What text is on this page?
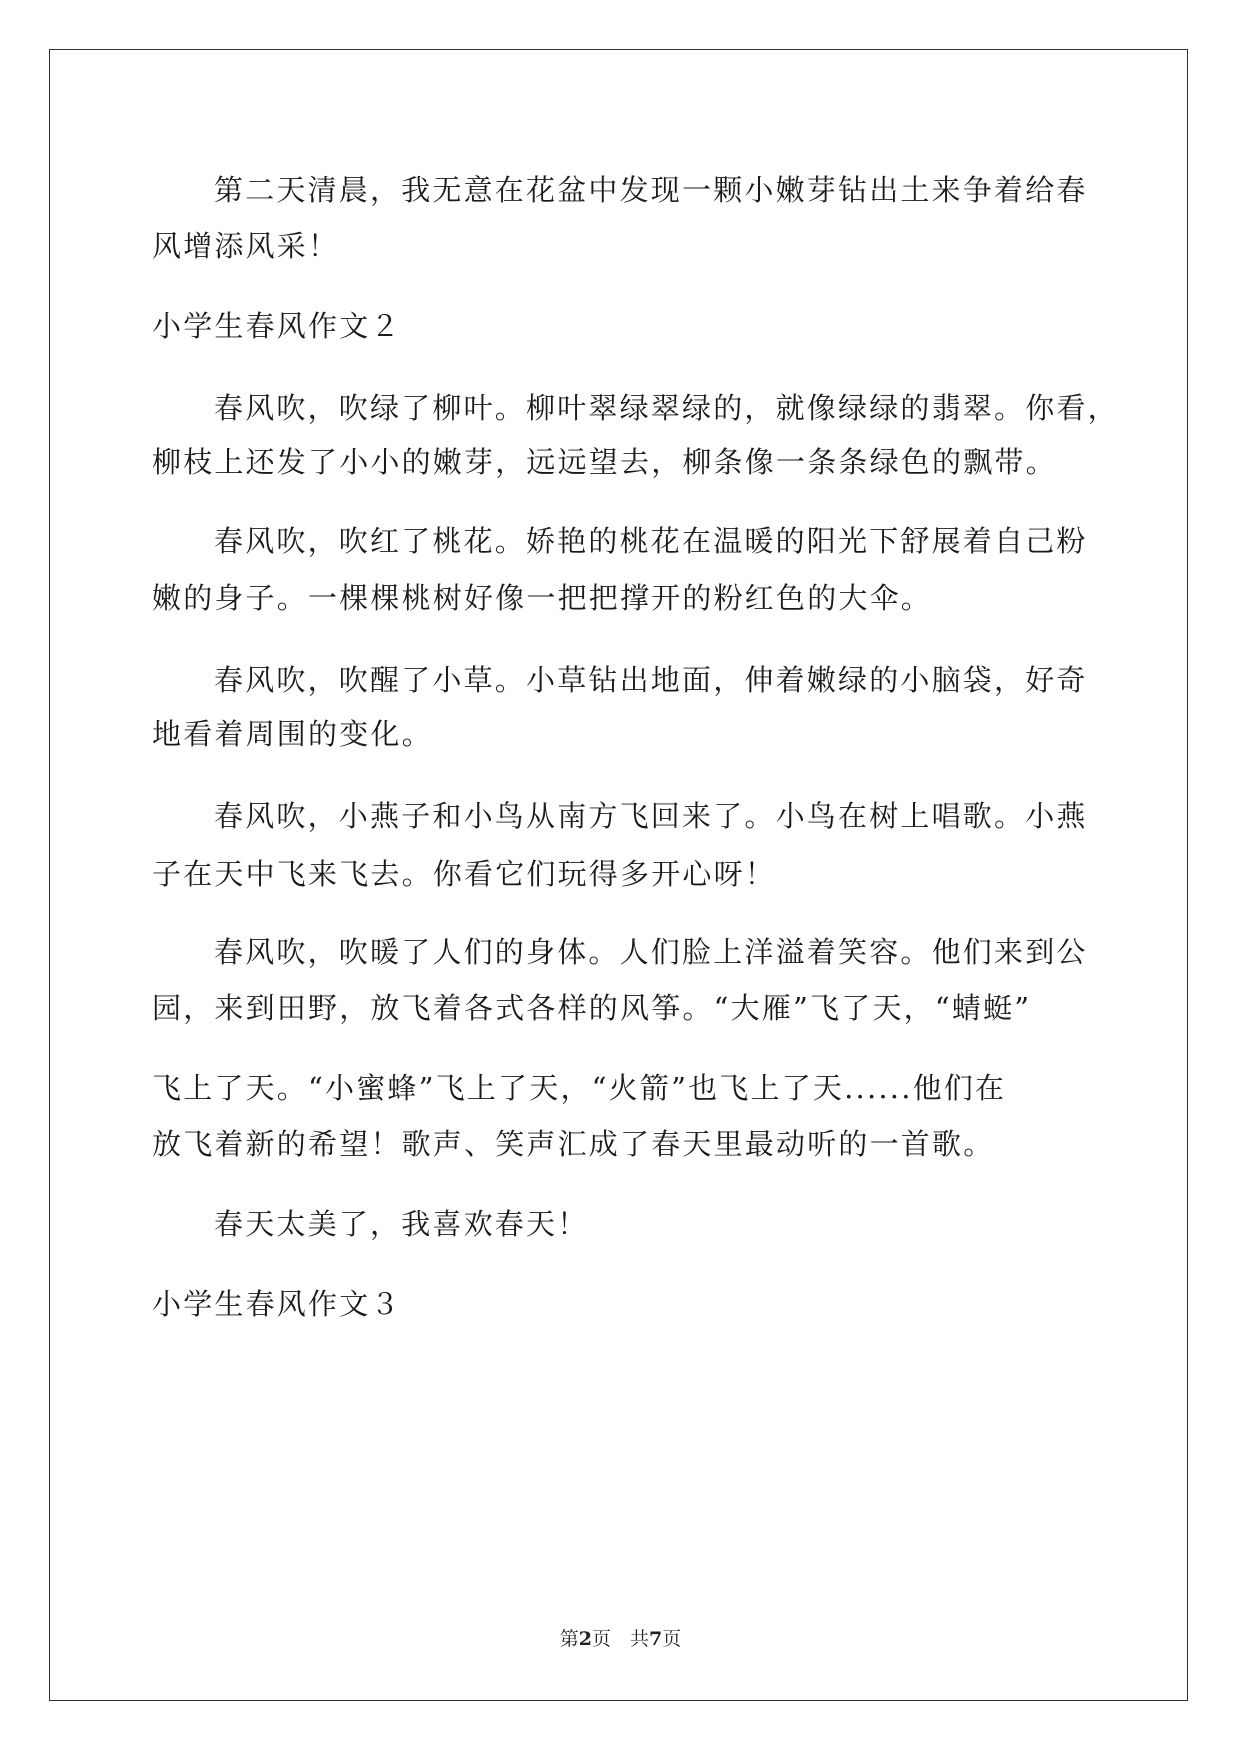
第二天清晨，我无意在花盆中发现一颗小嫩芽钻出土来争着给春
风增添风采！
小学生春风作文２
春风吹，吹绿了柳叶。柳叶翠绿翠绿的，就像绿绿的翡翠。你看，
柳枝上还发了小小的嫩芽，远远望去，柳条像一条条绿色的飘带。
春风吹，吹红了桃花。娇艳的桃花在温暖的阳光下舒展着自己粉
嫩的身子。一棵棵桃树好像一把把撑开的粉红色的大伞。
春风吹，吹醒了小草。小草钻出地面，伸着嫩绿的小脑袋，好奇
地看着周围的变化。
春风吹，小燕子和小鸟从南方飞回来了。小鸟在树上唱歌。小燕
子在天中飞来飞去。你看它们玩得多开心呀！
春风吹，吹暖了人们的身体。人们脸上洋溢着笑容。他们来到公
园，来到田野，放飞着各式各样的风筝。“大雁”飞了天，“蜻蜓”
飞上了天。“小蜜蜂”飞上了天，“火箭”也飞上了天......他们在
放飞着新的希望！歌声、笑声汇成了春天里最动听的一首歌。
春天太美了，我喜欢春天！
小学生春风作文３
第2页　共7页
